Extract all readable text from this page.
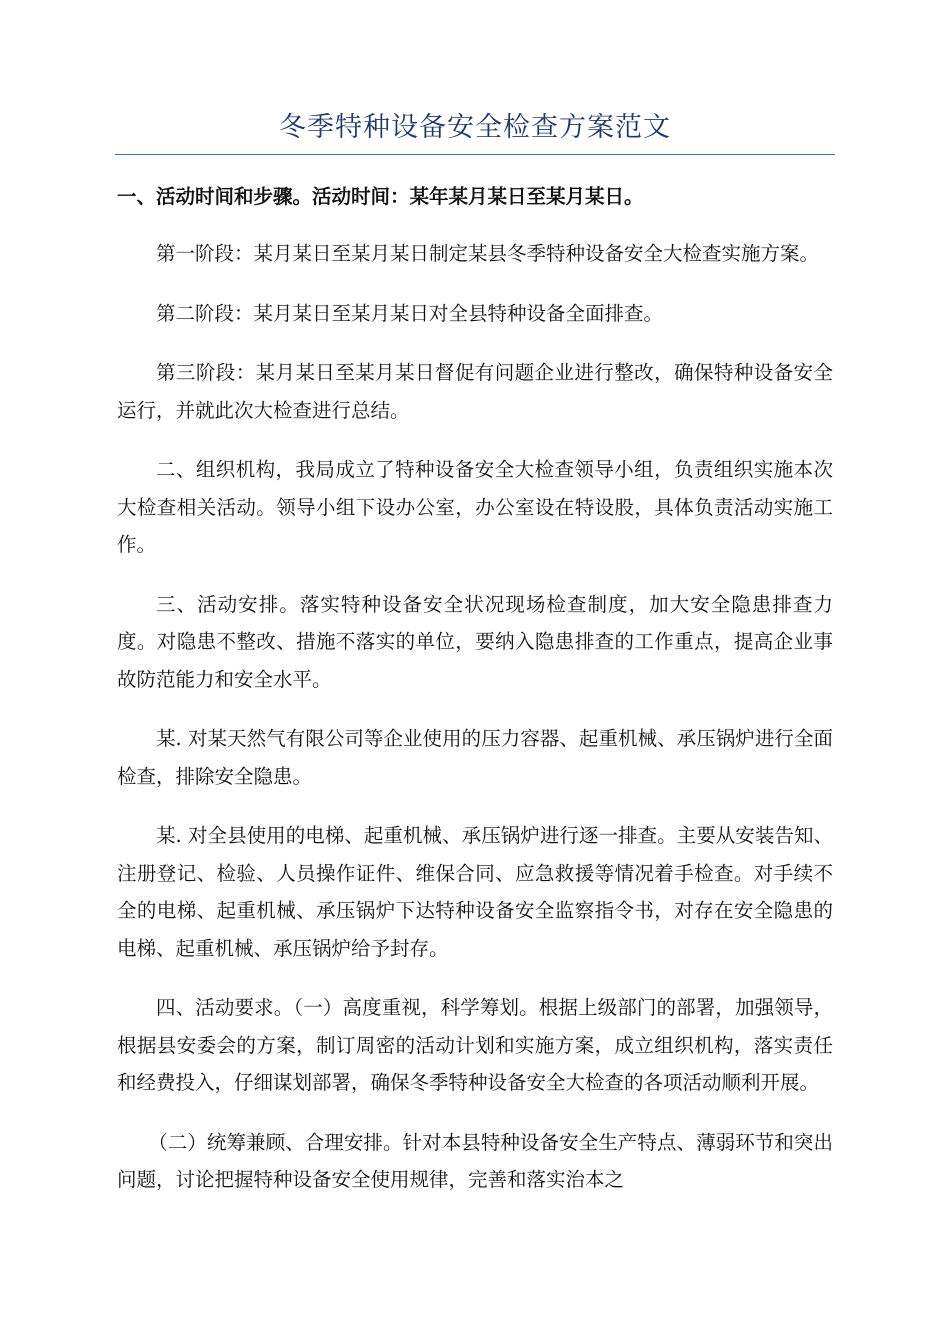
冬季特种设备安全检查方案范文

一、活动时间和步骤。活动时间：某年某月某日至某月某日。

第一阶段：某月某日至某月某日制定某县冬季特种设备安全大检查实施方案。

第二阶段：某月某日至某月某日对全县特种设备全面排查。

第三阶段：某月某日至某月某日督促有问题企业进行整改，确保特种设备安全运行，并就此次大检查进行总结。

二、组织机构，我局成立了特种设备安全大检查领导小组，负责组织实施本次大检查相关活动。领导小组下设办公室，办公室设在特设股，具体负责活动实施工作。

三、活动安排。落实特种设备安全状况现场检查制度，加大安全隐患排查力度。对隐患不整改、措施不落实的单位，要纳入隐患排查的工作重点，提高企业事故防范能力和安全水平。

某. 对某天然气有限公司等企业使用的压力容器、起重机械、承压锅炉进行全面检查，排除安全隐患。

某. 对全县使用的电梯、起重机械、承压锅炉进行逐一排查。主要从安装告知、注册登记、检验、人员操作证件、维保合同、应急救援等情况着手检查。对手续不全的电梯、起重机械、承压锅炉下达特种设备安全监察指令书，对存在安全隐患的电梯、起重机械、承压锅炉给予封存。

四、活动要求。（一）高度重视，科学筹划。根据上级部门的部署，加强领导，根据县安委会的方案，制订周密的活动计划和实施方案，成立组织机构，落实责任和经费投入，仔细谋划部署，确保冬季特种设备安全大检查的各项活动顺利开展。

（二）统筹兼顾、合理安排。针对本县特种设备安全生产特点、薄弱环节和突出问题，讨论把握特种设备安全使用规律，完善和落实治本之
